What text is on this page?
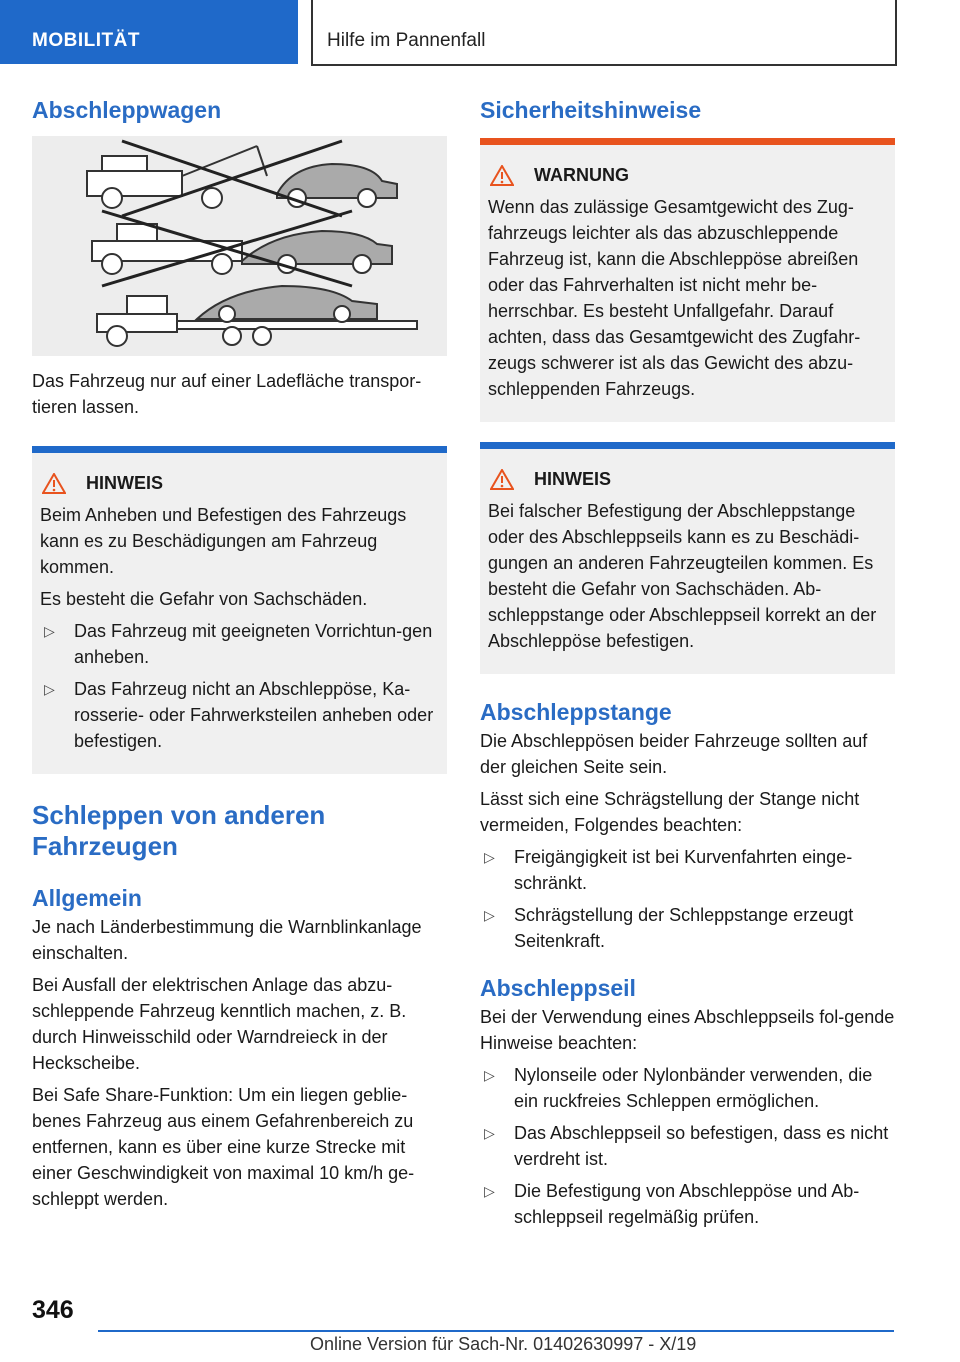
MOBILITÄT	Hilfe im Pannenfall
Abschleppwagen

Das Fahrzeug nur auf einer Ladefläche transpor-tieren lassen.

HINWEIS

Beim Anheben und Befestigen des Fahrzeugs kann es zu Beschädigungen am Fahrzeug kommen.

Es besteht die Gefahr von Sachschäden.

▷ Das Fahrzeug mit geeigneten Vorrichtun-gen anheben.
▷ Das Fahrzeug nicht an Abschleppöse, Ka-rosserie- oder Fahrwerksteilen anheben oder befestigen.
Schleppen von anderen Fahrzeugen
Allgemein

Je nach Länderbestimmung die Warnblinkanlage einschalten.

Bei Ausfall der elektrischen Anlage das abzu-schleppende Fahrzeug kenntlich machen, z. B. durch Hinweisschild oder Warndreieck in der Heckscheibe.

Bei Safe Share-Funktion: Um ein liegen geblie-benes Fahrzeug aus einem Gefahrenbereich zu entfernen, kann es über eine kurze Strecke mit einer Geschwindigkeit von maximal 10 km/h ge-schleppt werden.

Sicherheitshinweise
WARNUNG

Wenn das zulässige Gesamtgewicht des Zug-fahrzeugs leichter als das abzuschleppende Fahrzeug ist, kann die Abschleppöse abreißen oder das Fahrverhalten ist nicht mehr be-herrschbar. Es besteht Unfallgefahr. Darauf achten, dass das Gesamtgewicht des Zugfahr-zeugs schwerer ist als das Gewicht des abzu-schleppenden Fahrzeugs.

HINWEIS

Bei falscher Befestigung der Abschleppstange oder des Abschleppseils kann es zu Beschädi-gungen an anderen Fahrzeugteilen kommen. Es besteht die Gefahr von Sachschäden. Ab-schleppstange oder Abschleppseil korrekt an der Abschleppöse befestigen.

Abschleppstange

Die Abschleppösen beider Fahrzeuge sollten auf der gleichen Seite sein.

Lässt sich eine Schrägstellung der Stange nicht vermeiden, Folgendes beachten:

▷ Freigängigkeit ist bei Kurvenfahrten einge-schränkt.
▷ Schrägstellung der Schleppstange erzeugt Seitenkraft.
Abschleppseil

Bei der Verwendung eines Abschleppseils fol-gende Hinweise beachten:

▷ Nylonseile oder Nylonbänder verwenden, die ein ruckfreies Schleppen ermöglichen.
▷ Das Abschleppseil so befestigen, dass es nicht verdreht ist.
▷ Die Befestigung von Abschleppöse und Ab-schleppseil regelmäßig prüfen.
346
Online Version für Sach-Nr. 01402630997 - X/19
